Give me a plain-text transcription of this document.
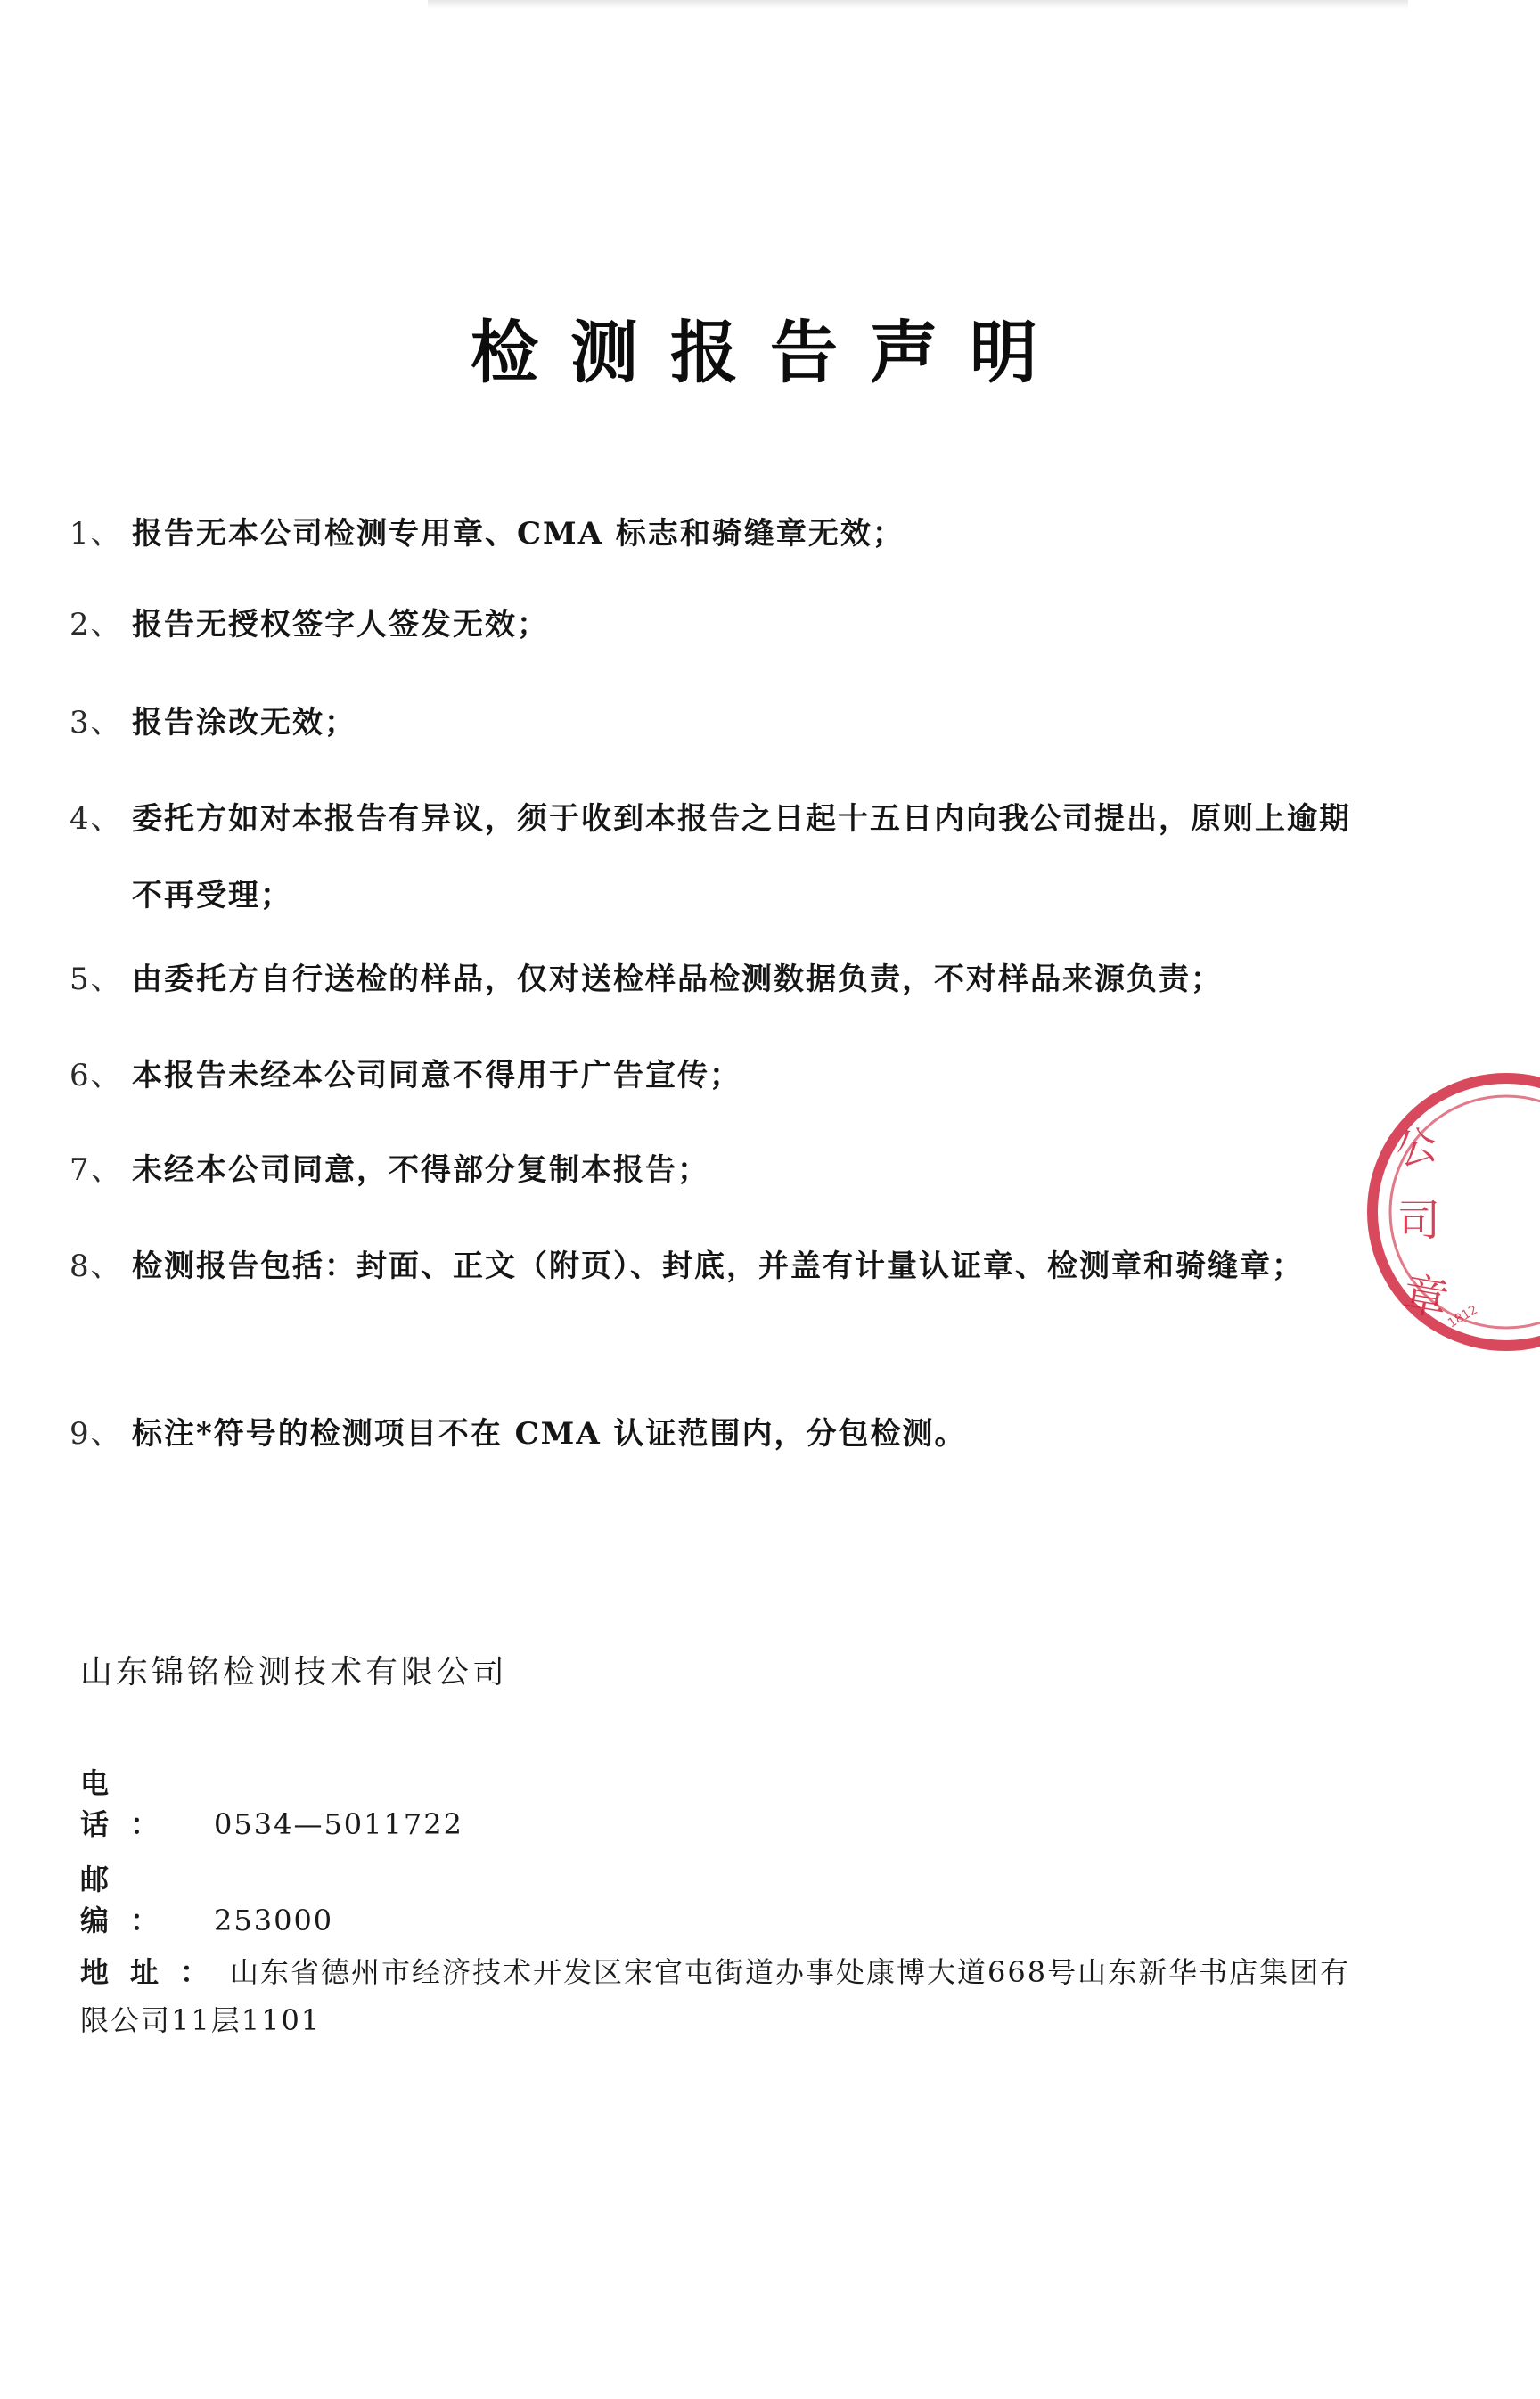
检测报告声明
1、 报告无本公司检测专用章、CMA 标志和骑缝章无效；
2、 报告无授权签字人签发无效；
3、 报告涂改无效；
4、 委托方如对本报告有异议，须于收到本报告之日起十五日内向我公司提出，原则上逾期不再受理；
5、 由委托方自行送检的样品，仅对送检样品检测数据负责，不对样品来源负责；
6、 本报告未经本公司同意不得用于广告宣传；
7、 未经本公司同意，不得部分复制本报告；
8、 检测报告包括：封面、正文（附页）、封底，并盖有计量认证章、检测章和骑缝章；
9、 标注*符号的检测项目不在 CMA 认证范围内，分包检测。
山东锦铭检测技术有限公司
电话： 0534—5011722
邮编： 253000
地址：山东省德州市经济技术开发区宋官屯街道办事处康博大道668号山东新华书店集团有限公司11层1101
公
司
章
1812
